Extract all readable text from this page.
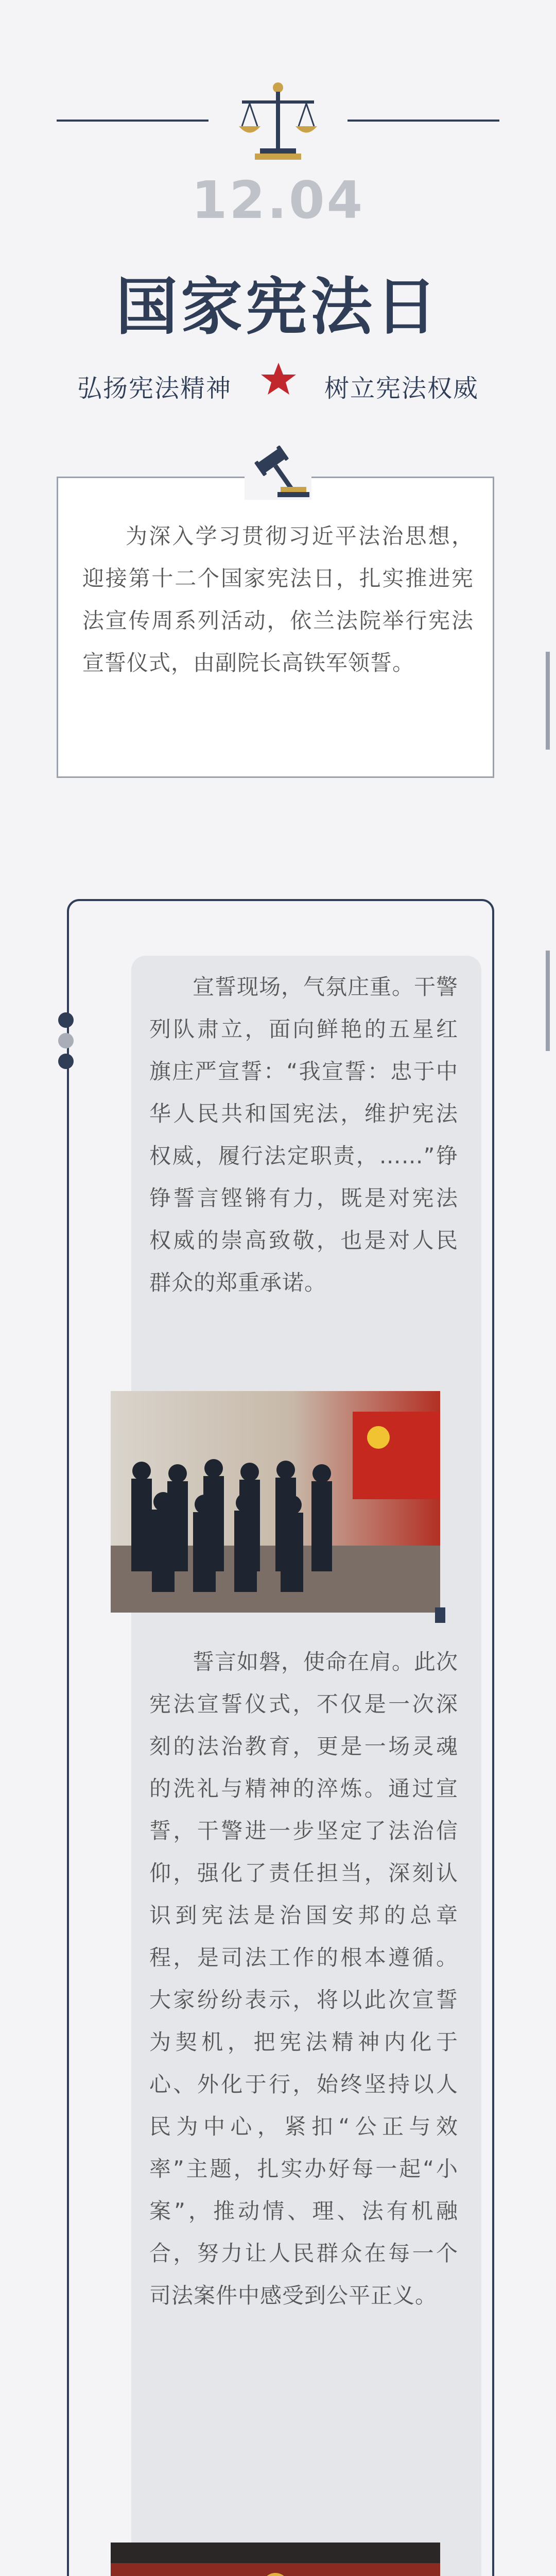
12.04
国家宪法日
弘扬宪法精神	树立宪法权威
为深入学习贯彻习近平法治思想，迎接第十二个国家宪法日，扎实推进宪法宣传周系列活动，依兰法院举行宪法宣誓仪式，由副院长高铁军领誓。
宣誓现场，气氛庄重。干警列队肃立，面向鲜艳的五星红旗庄严宣誓：“我宣誓：忠于中华人民共和国宪法，维护宪法权威，履行法定职责，……”铮铮誓言铿锵有力，既是对宪法权威的崇高致敬，也是对人民群众的郑重承诺。
誓言如磐，使命在肩。此次宪法宣誓仪式，不仅是一次深刻的法治教育，更是一场灵魂的洗礼与精神的淬炼。通过宣誓，干警进一步坚定了法治信仰，强化了责任担当，深刻认识到宪法是治国安邦的总章程，是司法工作的根本遵循。大家纷纷表示，将以此次宣誓为契机，把宪法精神内化于心、外化于行，始终坚持以人民为中心，紧扣“公正与效率”主题，扎实办好每一起“小案”，推动情、理、法有机融合，努力让人民群众在每一个司法案件中感受到公平正义。
